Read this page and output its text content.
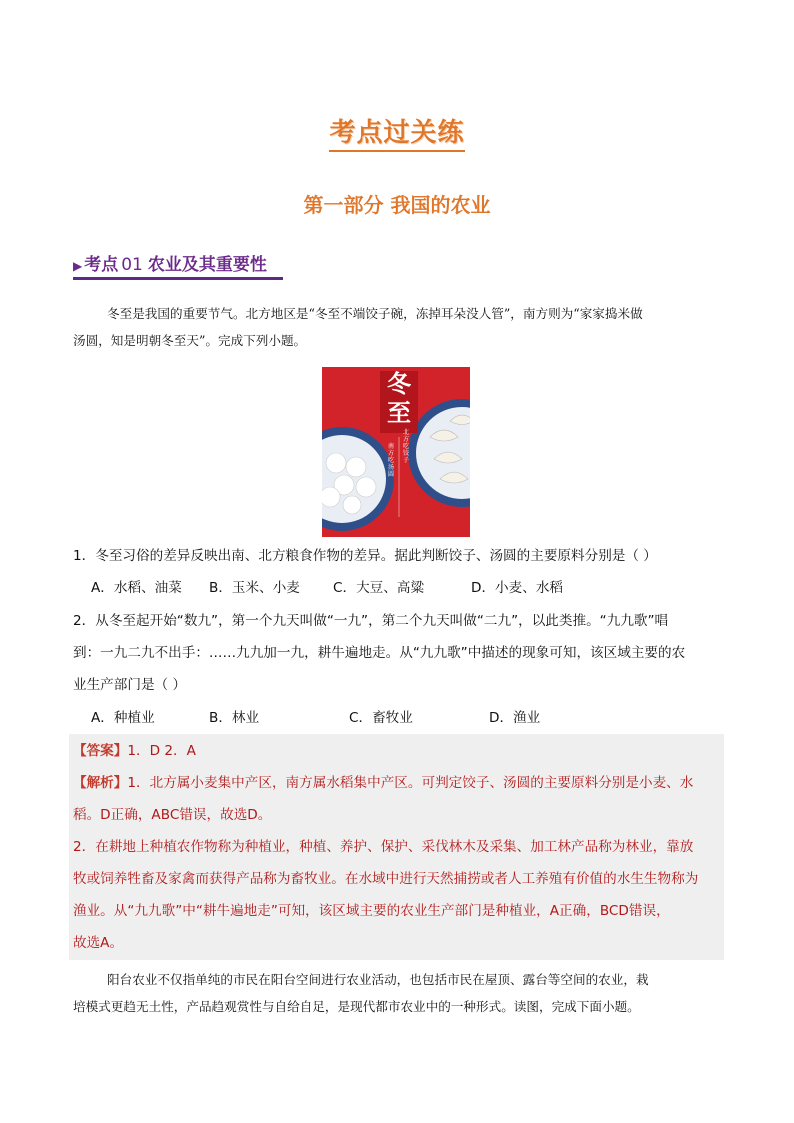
考点过关练
第一部分 我国的农业
▶ 考点 01 农业及其重要性
冬至是我国的重要节气。北方地区是“冬至不端饺子碗，冻掉耳朵没人管”，南方则为“家家捣米做
汤圆，知是明朝冬至天”。完成下列小题。
冬
至
南方吃汤圆
北方吃饺子
1．冬至习俗的差异反映出南、北方粮食作物的差异。据此判断饺子、汤圆的主要原料分别是（ ）
A．水稻、油菜 B．玉米、小麦 C．大豆、高粱	D．小麦、水稻
2．从冬至起开始“数九”，第一个九天叫做“一九”，第二个九天叫做“二九”，以此类推。“九九歌”唱
到：一九二九不出手：……九九加一九，耕牛遍地走。从“九九歌”中描述的现象可知，该区域主要的农
业生产部门是（ ）
A．种植业	B．林业	C．畜牧业	D．渔业
【答案】1．D 2．A
【解析】1．北方属小麦集中产区，南方属水稻集中产区。可判定饺子、汤圆的主要原料分别是小麦、水
稻。D正确，ABC错误，故选D。
2．在耕地上种植农作物称为种植业，种植、养护、保护、采伐林木及采集、加工林产品称为林业，靠放
牧或饲养牲畜及家禽而获得产品称为畜牧业。在水域中进行天然捕捞或者人工养殖有价值的水生生物称为
渔业。从“九九歌”中“耕牛遍地走”可知，该区域主要的农业生产部门是种植业，A正确，BCD错误，
故选A。
阳台农业不仅指单纯的市民在阳台空间进行农业活动，也包括市民在屋顶、露台等空间的农业，栽
培模式更趋无土性，产品趋观赏性与自给自足，是现代都市农业中的一种形式。读图，完成下面小题。
